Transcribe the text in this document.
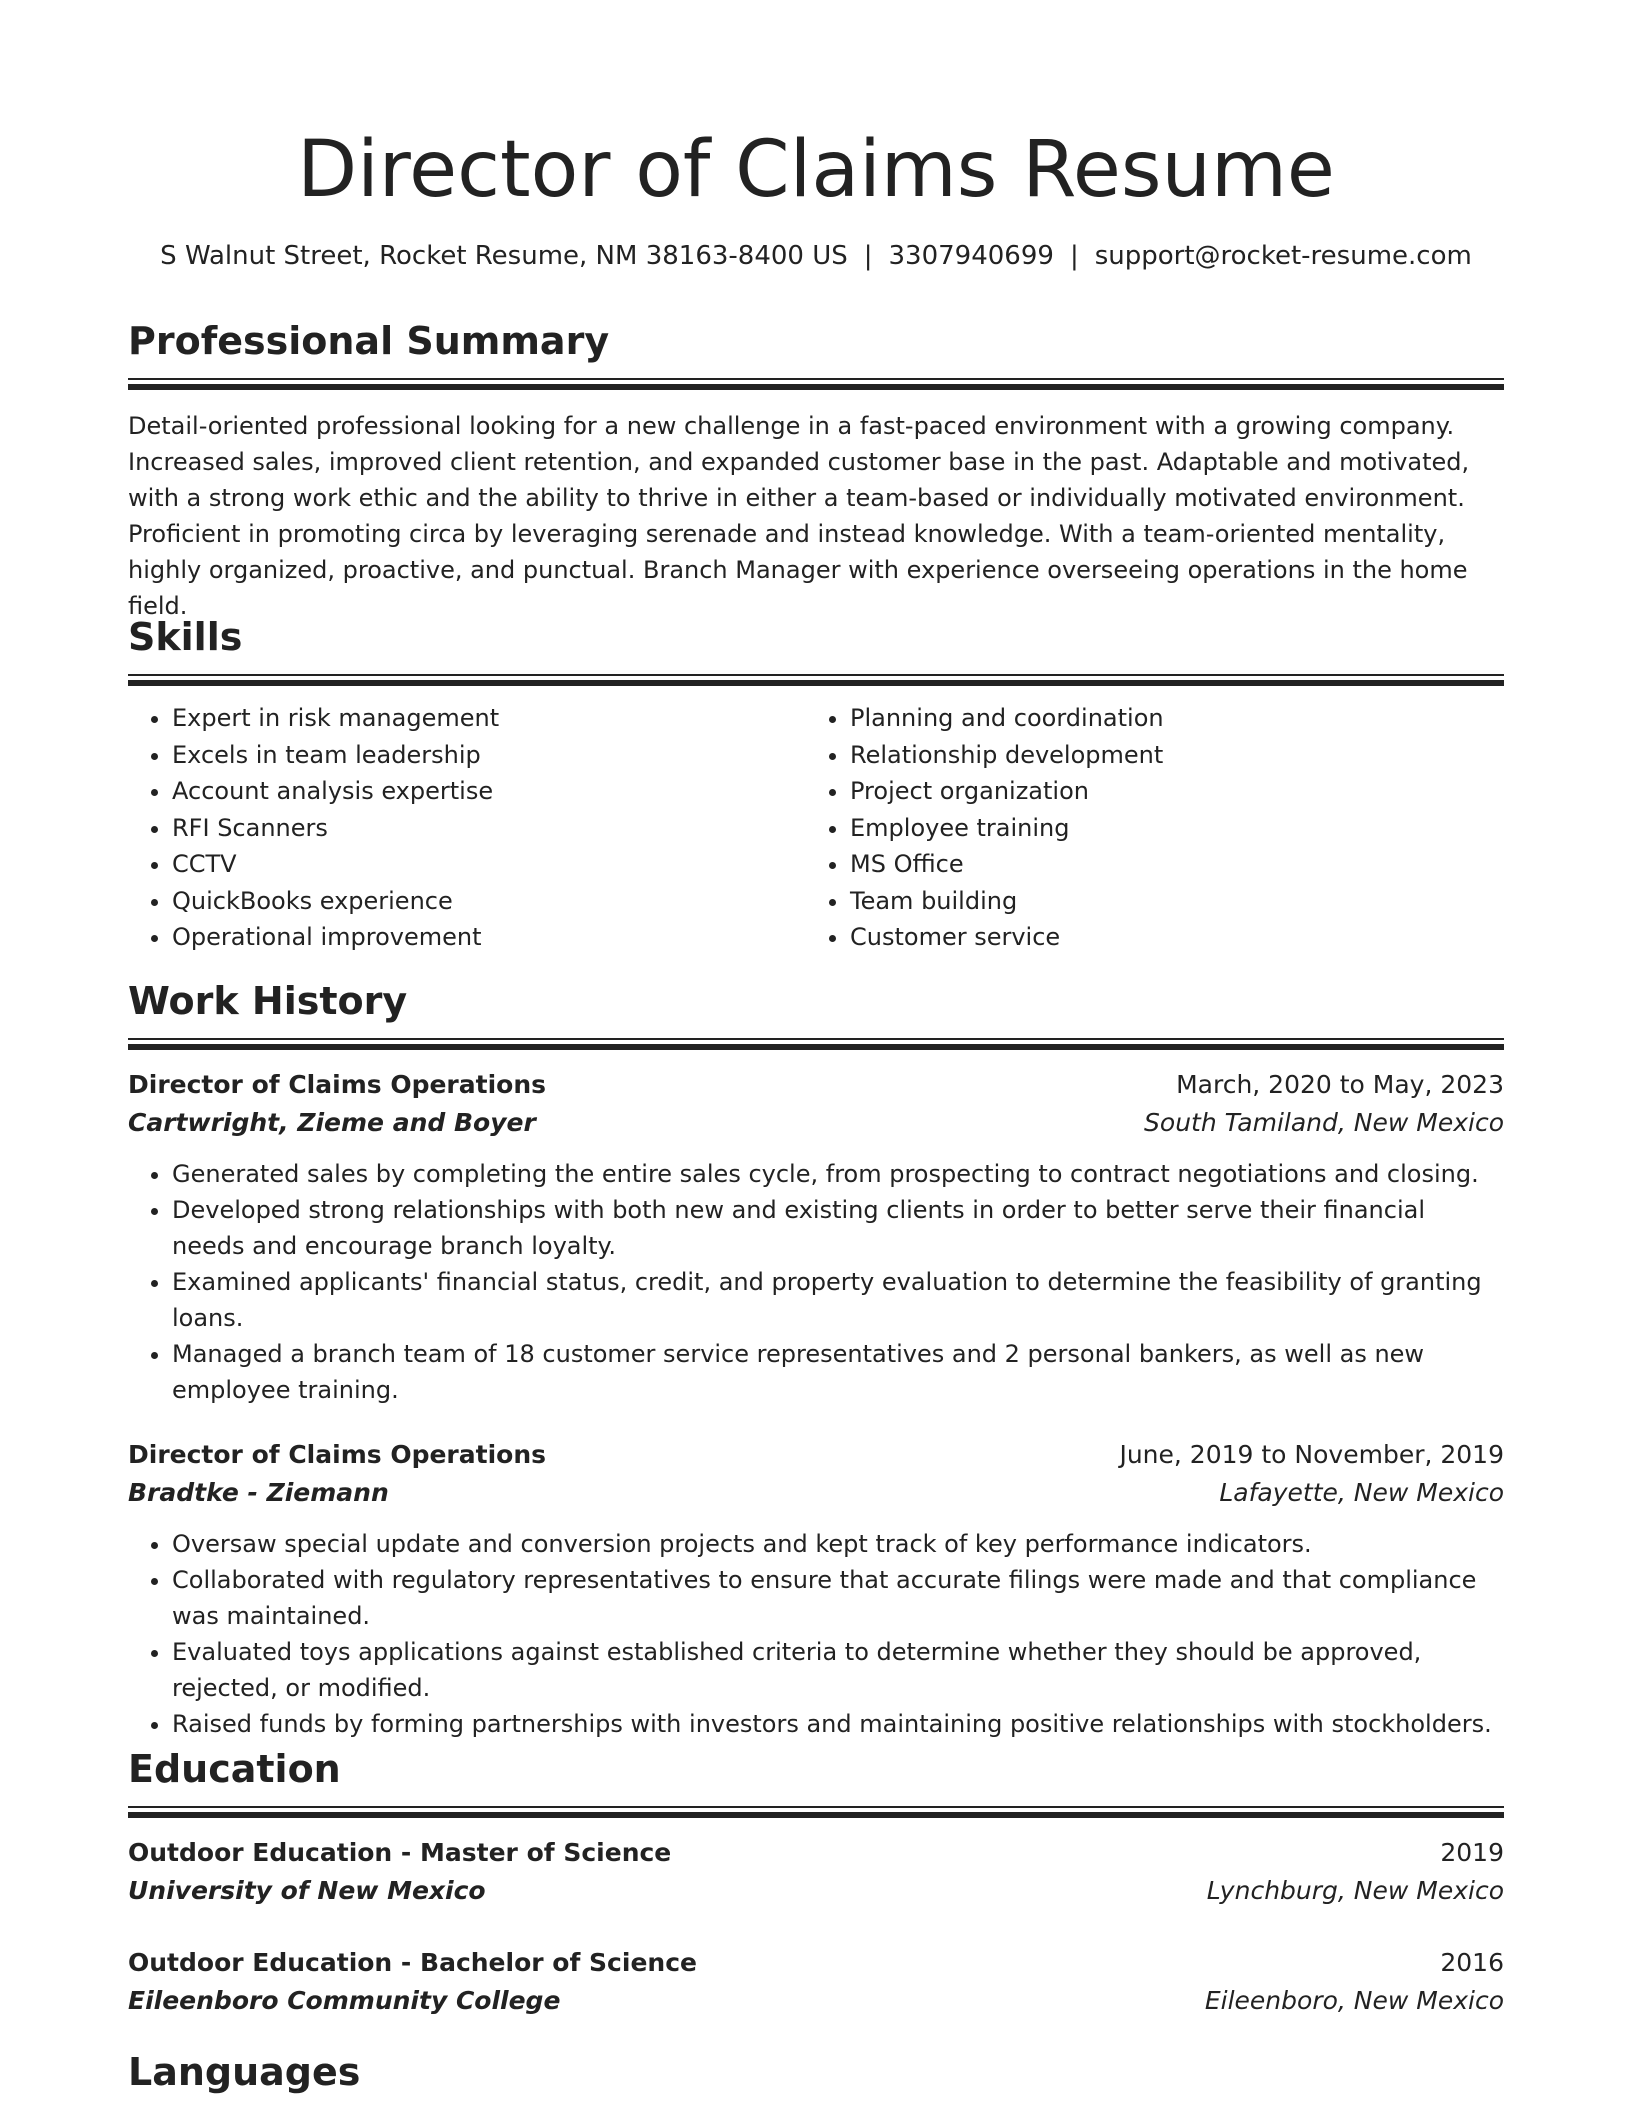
Director of Claims Resume
S Walnut Street, Rocket Resume, NM 38163-8400 US | 3307940699 | support@rocket-resume.com
Professional Summary
Detail-oriented professional looking for a new challenge in a fast-paced environment with a growing company. Increased sales, improved client retention, and expanded customer base in the past. Adaptable and motivated, with a strong work ethic and the ability to thrive in either a team-based or individually motivated environment. Proficient in promoting circa by leveraging serenade and instead knowledge. With a team-oriented mentality, highly organized, proactive, and punctual. Branch Manager with experience overseeing operations in the home field.
Skills
• Expert in risk management
• Excels in team leadership
• Account analysis expertise
• RFI Scanners
• CCTV
• QuickBooks experience
• Operational improvement
• Planning and coordination
• Relationship development
• Project organization
• Employee training
• MS Office
• Team building
• Customer service
Work History
Director of Claims Operations	March, 2020 to May, 2023
Cartwright, Zieme and Boyer	South Tamiland, New Mexico
• Generated sales by completing the entire sales cycle, from prospecting to contract negotiations and closing.
• Developed strong relationships with both new and existing clients in order to better serve their financial needs and encourage branch loyalty.
• Examined applicants' financial status, credit, and property evaluation to determine the feasibility of granting loans.
• Managed a branch team of 18 customer service representatives and 2 personal bankers, as well as new employee training.
Director of Claims Operations	June, 2019 to November, 2019
Bradtke - Ziemann	Lafayette, New Mexico
• Oversaw special update and conversion projects and kept track of key performance indicators.
• Collaborated with regulatory representatives to ensure that accurate filings were made and that compliance was maintained.
• Evaluated toys applications against established criteria to determine whether they should be approved, rejected, or modified.
• Raised funds by forming partnerships with investors and maintaining positive relationships with stockholders.
Education
Outdoor Education - Master of Science	2019
University of New Mexico	Lynchburg, New Mexico
Outdoor Education - Bachelor of Science	2016
Eileenboro Community College	Eileenboro, New Mexico
Languages
